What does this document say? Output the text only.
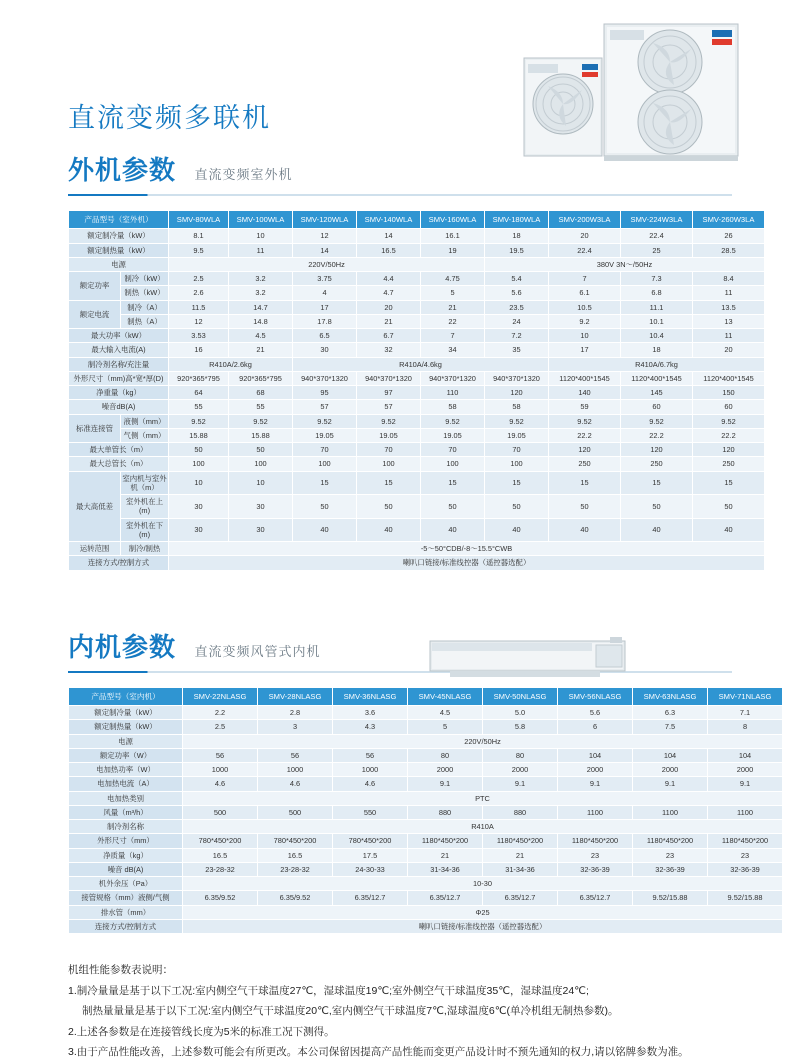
直流变频多联机
外机参数 直流变频室外机
产品型号（室外机）		SMV-80WLA	SMV-100WLA	SMV-120WLA	SMV-140WLA	SMV-160WLA	SMV-180WLA	SMV-200W3LA	SMV-224W3LA	SMV-260W3LA
额定制冷量（kW）		8.1	10	12	14	16.1	18	20	22.4	26
额定制热量（kW）		9.5	11	14	16.5	19	19.5	22.4	25	28.5
电源		220V/50Hz					380V 3N～/50Hz			
额定功率	制冷（kW）	2.5	3.2	3.75	4.4	4.75	5.4	7	7.3	8.4
	制热（kW）	2.6	3.2	4	4.7	5	5.6	6.1	6.8	11
额定电流	制冷（A）	11.5	14.7	17	20	21	23.5	10.5	11.1	13.5
	制热（A）	12	14.8	17.8	21	22	24	9.2	10.1	13
最大功率（kW）		3.53	4.5	6.5	6.7	7	7.2	10	10.4	11
最大输入电流(A)		16	21	30	32	34	35	17	18	20
制冷剂名称/充注量		R410A/2.6kg		R410A/4.6kg				R410A/6.7kg		
外形尺寸（mm)高*宽*厚(D)		920*365*795	920*365*795	940*370*1320	940*370*1320	940*370*1320	940*370*1320	1120*400*1545	1120*400*1545	1120*400*1545
净重量（kg）		64	68	95	97	110	120	140	145	150
噪音dB(A)		55	55	57	57	58	58	59	60	60
标准连接管	液侧（mm）	9.52	9.52	9.52	9.52	9.52	9.52	9.52	9.52	9.52
	气侧（mm）	15.88	15.88	19.05	19.05	19.05	19.05	22.2	22.2	22.2
最大单管长（m）		50	50	70	70	70	70	120	120	120
最大总管长（m）		100	100	100	100	100	100	250	250	250
最大高低差	室内机与室外机（m）	10	10	15	15	15	15	15	15	15
	室外机在上(m)	30	30	50	50	50	50	50	50	50
	室外机在下(m)	30	30	40	40	40	40	40	40	40
运转范围	制冷/制热	-5～50°CDB/-8～15.5°CWB								
连接方式/控制方式		喇叭口链接/标准线控器（遥控器选配）								
内机参数 直流变频风管式内机
产品型号（室内机）	SMV-22NLASG	SMV-28NLASG	SMV-36NLASG	SMV-45NLASG	SMV-50NLASG	SMV-56NLASG	SMV-63NLASG	SMV-71NLASG
额定制冷量（kW）	2.2	2.8	3.6	4.5	5.0	5.6	6.3	7.1
额定制热量（kW）	2.5	3	4.3	5	5.8	6	7.5	8
电源	220V/50Hz							
额定功率（W）	56	56	56	80	80	104	104	104
电加热功率（W）	1000	1000	1000	2000	2000	2000	2000	2000
电加热电流（A）	4.6	4.6	4.6	9.1	9.1	9.1	9.1	9.1
电加热类别	PTC							
风量（m³/h）	500	500	550	880	880	1100	1100	1100
制冷剂名称	R410A							
外形尺寸（mm）	780*450*200	780*450*200	780*450*200	1180*450*200	1180*450*200	1180*450*200	1180*450*200	1180*450*200
净质量（kg）	16.5	16.5	17.5	21	21	23	23	23
噪音 dB(A)	23-28-32	23-28-32	24-30-33	31-34-36	31-34-36	32-36-39	32-36-39	32-36-39
机外余压（Pa）	10-30							
接管规格（mm）液侧/气侧	6.35/9.52	6.35/9.52	6.35/12.7	6.35/12.7	6.35/12.7	6.35/12.7	9.52/15.88	9.52/15.88
排水管（mm）	Φ25							
连接方式/控制方式	喇叭口链接/标准线控器（遥控器选配）							
机组性能参数表说明：
1.制冷量量是基于以下工况:室内侧空气干球温度27℃，湿球温度19℃;室外侧空气干球温度35℃，湿球温度24℃;
制热量量量是基于以下工况:室内侧空气干球温度20℃,室内侧空气干球温度7℃,湿球温度6℃(单冷机组无制热参数)。
2.上述各参数是在连接管线长度为5米的标准工况下测得。
3.由于产品性能改善，上述参数可能会有所更改。本公司保留因提高产品性能而变更产品设计时不预先通知的权力,请以铭牌参数为准。
